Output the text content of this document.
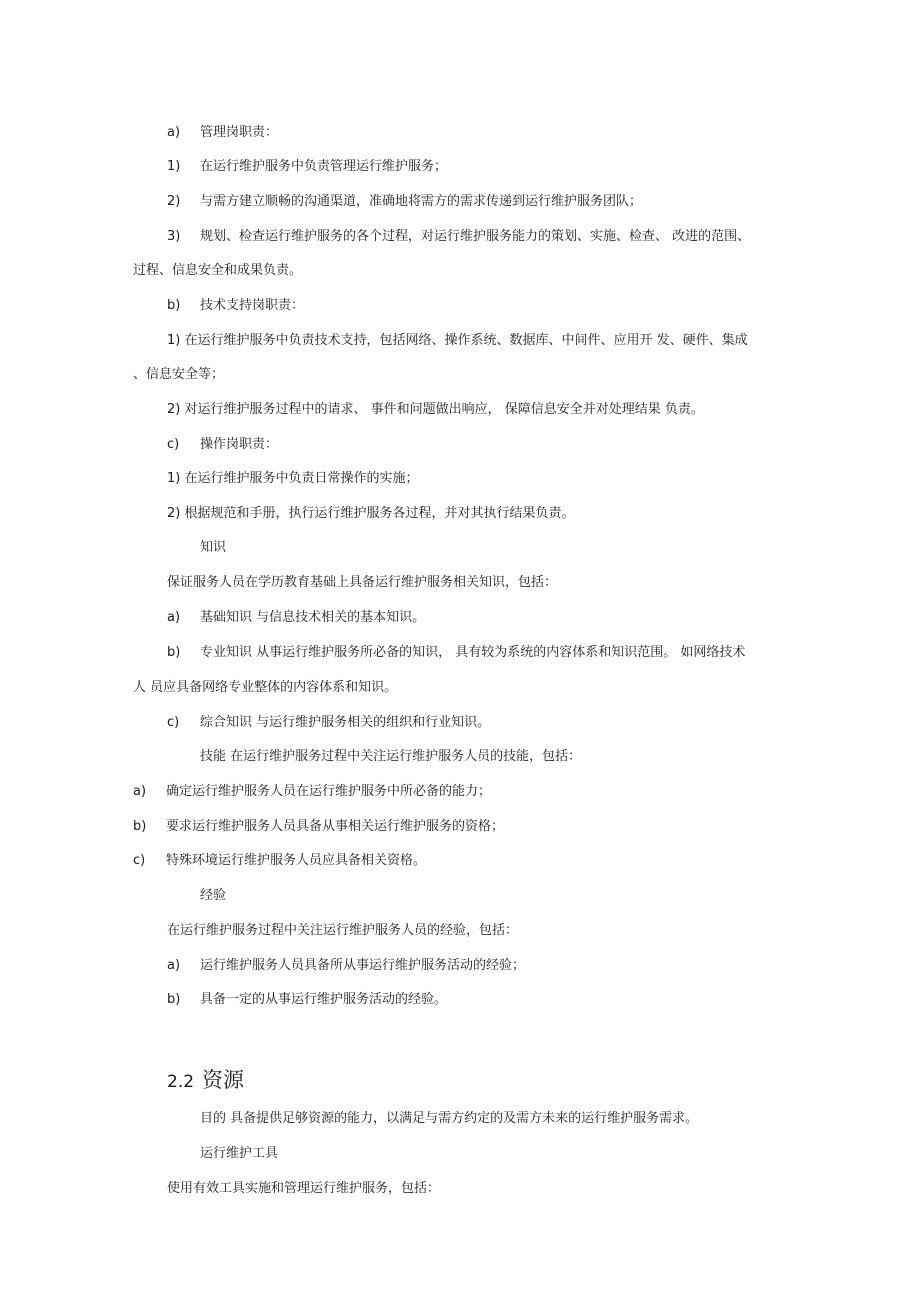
a) 管理岗职责：

1) 在运行维护服务中负责管理运行维护服务；

2) 与需方建立顺畅的沟通渠道，准确地将需方的需求传递到运行维护服务团队；

3) 规划、检查运行维护服务的各个过程，对运行维护服务能力的策划、实施、检查、 改进的范围、

过程、信息安全和成果负责。

b) 技术支持岗职责：

1) 在运行维护服务中负责技术支持，包括网络、操作系统、数据库、中间件、应用开 发、硬件、集成

、信息安全等；

2) 对运行维护服务过程中的请求、 事件和问题做出响应， 保障信息安全并对处理结果 负责。

c) 操作岗职责：

1) 在运行维护服务中负责日常操作的实施；

2) 根据规范和手册，执行运行维护服务各过程，并对其执行结果负责。

知识

保证服务人员在学历教育基础上具备运行维护服务相关知识，包括：

a) 基础知识 与信息技术相关的基本知识。

b) 专业知识 从事运行维护服务所必备的知识， 具有较为系统的内容体系和知识范围。 如网络技术

人 员应具备网络专业整体的内容体系和知识。

c) 综合知识 与运行维护服务相关的组织和行业知识。

技能 在运行维护服务过程中关注运行维护服务人员的技能，包括：

a) 确定运行维护服务人员在运行维护服务中所必备的能力；

b) 要求运行维护服务人员具备从事相关运行维护服务的资格；

c) 特殊环境运行维护服务人员应具备相关资格。

经验

在运行维护服务过程中关注运行维护服务人员的经验，包括：

a) 运行维护服务人员具备所从事运行维护服务活动的经验；

b) 具备一定的从事运行维护服务活动的经验。

2.2 资源

目的 具备提供足够资源的能力，以满足与需方约定的及需方未来的运行维护服务需求。

运行维护工具

使用有效工具实施和管理运行维护服务，包括：
